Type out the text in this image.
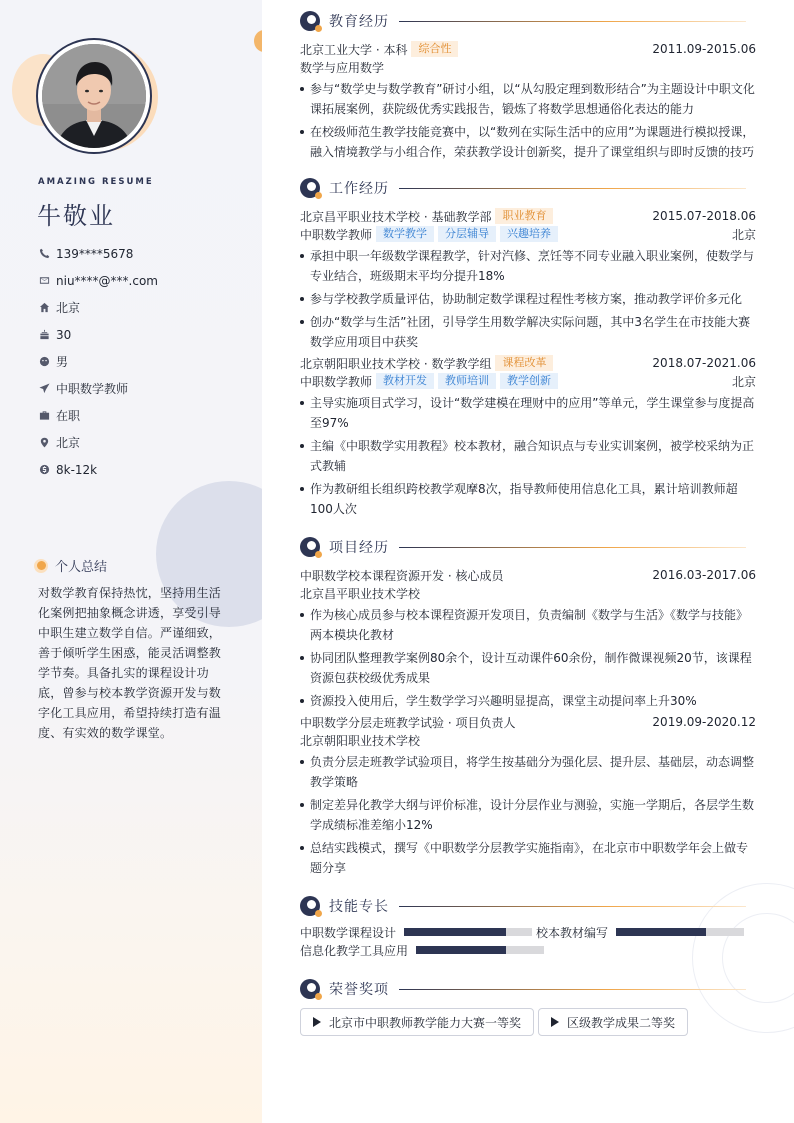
AMAZING RESUME
牛敬业
139****5678
niu****@***.com
北京
30
男
中职数学教师
在职
北京
8k-12k
个人总结

对数学教育保持热忱，坚持用生活化案例把抽象概念讲透，享受引导中职生建立数学自信。严谨细致，善于倾听学生困惑，能灵活调整教学节奏。具备扎实的课程设计功底，曾参与校本教学资源开发与数字化工具应用，希望持续打造有温度、有实效的数学课堂。

教育经历
北京工业大学 · 本科	综合性	2011.09-2015.06
数学与应用数学
参与“数学史与数学教育”研讨小组，以“从勾股定理到数形结合”为主题设计中职文化课拓展案例，获院级优秀实践报告，锻炼了将数学思想通俗化表达的能力
在校级师范生教学技能竞赛中，以“数列在实际生活中的应用”为课题进行模拟授课，融入情境教学与小组合作，荣获教学设计创新奖，提升了课堂组织与即时反馈的技巧
工作经历
北京昌平职业技术学校 · 基础教学部	职业教育	2015.07-2018.06
中职数学教师	数学教学	分层辅导	兴趣培养	北京
承担中职一年级数学课程教学，针对汽修、烹饪等不同专业融入职业案例，使数学与专业结合，班级期末平均分提升18%
参与学校教学质量评估，协助制定数学课程过程性考核方案，推动教学评价多元化
创办“数学与生活”社团，引导学生用数学解决实际问题，其中3名学生在市技能大赛数学应用项目中获奖
北京朝阳职业技术学校 · 数学教学组	课程改革	2018.07-2021.06
中职数学教师	教材开发	教师培训	教学创新	北京
主导实施项目式学习，设计“数学建模在理财中的应用”等单元，学生课堂参与度提高至97%
主编《中职数学实用教程》校本教材，融合知识点与专业实训案例，被学校采纳为正式教辅
作为教研组长组织跨校教学观摩8次，指导教师使用信息化工具，累计培训教师超100人次
项目经历
中职数学校本课程资源开发 · 核心成员	2016.03-2017.06
北京昌平职业技术学校
作为核心成员参与校本课程资源开发项目，负责编制《数学与生活》《数学与技能》两本模块化教材
协同团队整理教学案例80余个，设计互动课件60余份，制作微课视频20节，该课程资源包获校级优秀成果
资源投入使用后，学生数学学习兴趣明显提高，课堂主动提问率上升30%
中职数学分层走班教学试验 · 项目负责人	2019.09-2020.12
北京朝阳职业技术学校
负责分层走班教学试验项目，将学生按基础分为强化层、提升层、基础层，动态调整教学策略
制定差异化教学大纲与评价标准，设计分层作业与测验，实施一学期后，各层学生数学成绩标准差缩小12%
总结实践模式，撰写《中职数学分层教学实施指南》，在北京市中职数学年会上做专题分享
技能专长
中职数学课程设计	校本教材编写
信息化教学工具应用
荣誉奖项
北京市中职教师教学能力大赛一等奖	区级教学成果二等奖
